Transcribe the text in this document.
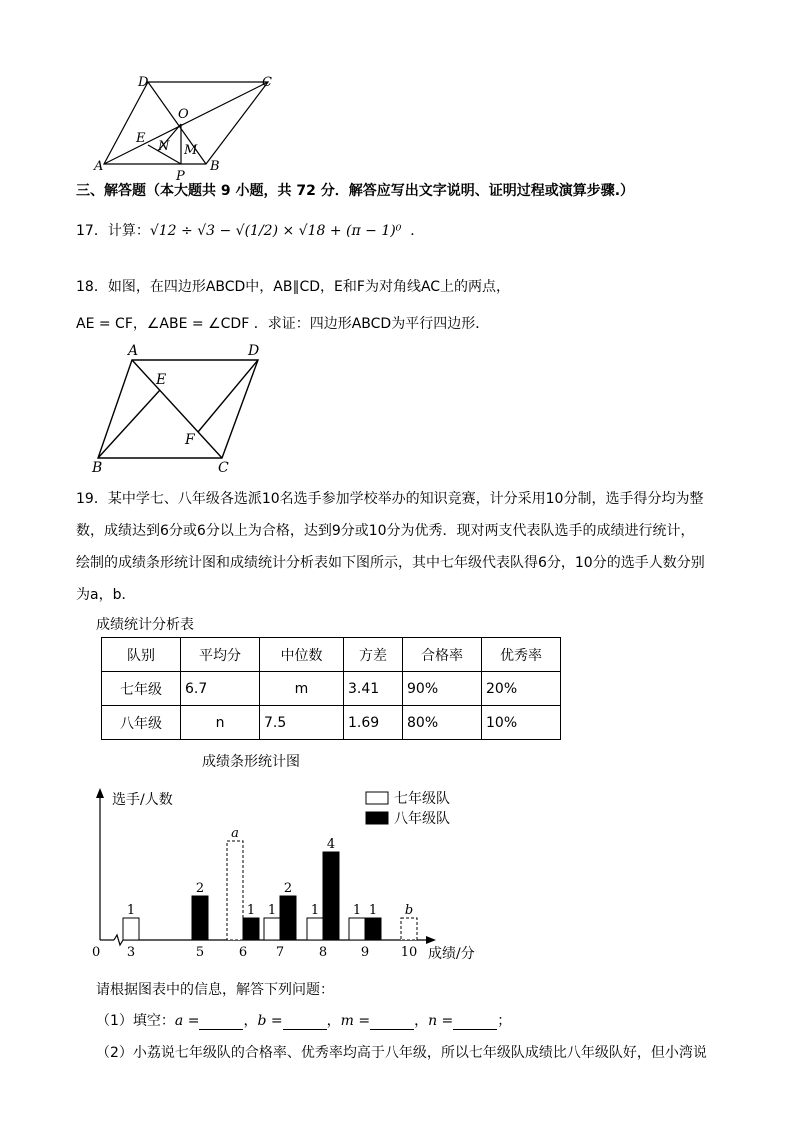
D	C
O
E
N M
A
P
B
三、解答题（本大题共 9 小题，共 72 分．解答应写出文字说明、证明过程或演算步骤.）
17．计算：√12 ÷ √3 − √(1/2) × √18 + (π − 1)⁰ ．
18．如图，在四边形ABCD中，AB∥CD，E和F为对角线AC上的两点，
AE = CF，∠ABE = ∠CDF ．求证：四边形ABCD为平行四边形．
A	D
E
F
B	C
19．某中学七、八年级各选派10名选手参加学校举办的知识竞赛，计分采用10分制，选手得分均为整
数，成绩达到6分或6分以上为合格，达到9分或10分为优秀．现对两支代表队选手的成绩进行统计，
绘制的成绩条形统计图和成绩统计分析表如下图所示，其中七年级代表队得6分，10分的选手人数分别
为a，b．
成绩统计分析表
队别	平均分	中位数	方差	合格率	优秀率
七年级	6.7	m	3.41	90%	20%
八年级	n	7.5	1.69	80%	10%
成绩条形统计图
0
选手/人数
成绩/分
七年级队
八年级队
1
a
1	1	1	b
2
1
2
4
1
3	5	6 7	8	9 10
请根据图表中的信息，解答下列问题：
（1）填空：a =	，b =	，m =	，n =	；
（2）小荔说七年级队的合格率、优秀率均高于八年级，所以七年级队成绩比八年级队好，但小湾说
